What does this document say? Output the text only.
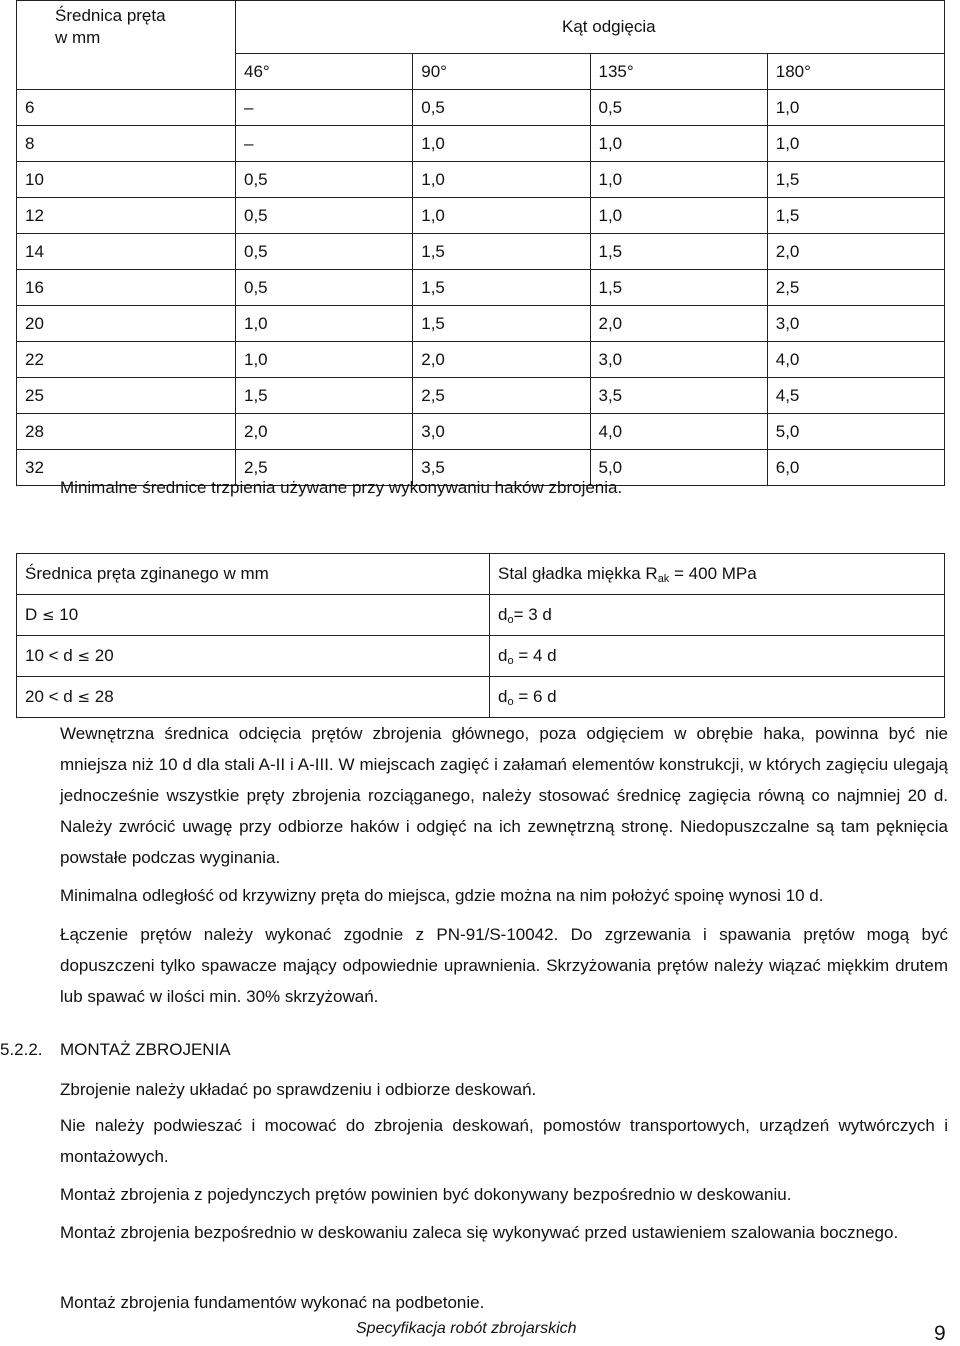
Średnica pręta
w mm	Kąt odgięcia			
	46°	90°	135°	180°
6	–	0,5	0,5	1,0
8	–	1,0	1,0	1,0
10	0,5	1,0	1,0	1,5
12	0,5	1,0	1,0	1,5
14	0,5	1,5	1,5	2,0
16	0,5	1,5	1,5	2,5
20	1,0	1,5	2,0	3,0
22	1,0	2,0	3,0	4,0
25	1,5	2,5	3,5	4,5
28	2,0	3,0	4,0	5,0
32	2,5	3,5	5,0	6,0
Minimalne średnice trzpienia używane przy wykonywaniu haków zbrojenia.
Średnica pręta zginanego w mm	Stal gładka miękka Rak = 400 MPa
D ≤ 10	do= 3 d
10 < d ≤ 20	do = 4 d
20 < d ≤ 28	do = 6 d
Wewnętrzna średnica odcięcia prętów zbrojenia głównego, poza odgięciem w obrębie haka, powinna być nie mniejsza niż 10 d dla stali A-II i A-III. W miejscach zagięć i załamań elementów konstrukcji, w których zagięciu ulegają jednocześnie wszystkie pręty zbrojenia rozciąganego, należy stosować średnicę zagięcia równą co najmniej 20 d. Należy zwrócić uwagę przy odbiorze haków i odgięć na ich zewnętrzną stronę. Niedopuszczalne są tam pęknięcia powstałe podczas wyginania.
Minimalna odległość od krzywizny pręta do miejsca, gdzie można na nim położyć spoinę wynosi 10 d.
Łączenie prętów należy wykonać zgodnie z PN-91/S-10042. Do zgrzewania i spawania prętów mogą być dopuszczeni tylko spawacze mający odpowiednie uprawnienia. Skrzyżowania prętów należy wiązać miękkim drutem lub spawać w ilości min. 30% skrzyżowań.
5.2.2. MONTAŻ ZBROJENIA
Zbrojenie należy układać po sprawdzeniu i odbiorze deskowań.
Nie należy podwieszać i mocować do zbrojenia deskowań, pomostów transportowych, urządzeń wytwórczych i montażowych.
Montaż zbrojenia z pojedynczych prętów powinien być dokonywany bezpośrednio w deskowaniu.
Montaż zbrojenia bezpośrednio w deskowaniu zaleca się wykonywać przed ustawieniem szalowania bocznego.
Montaż zbrojenia fundamentów wykonać na podbetonie.
Specyfikacja robót zbrojarskich	9
